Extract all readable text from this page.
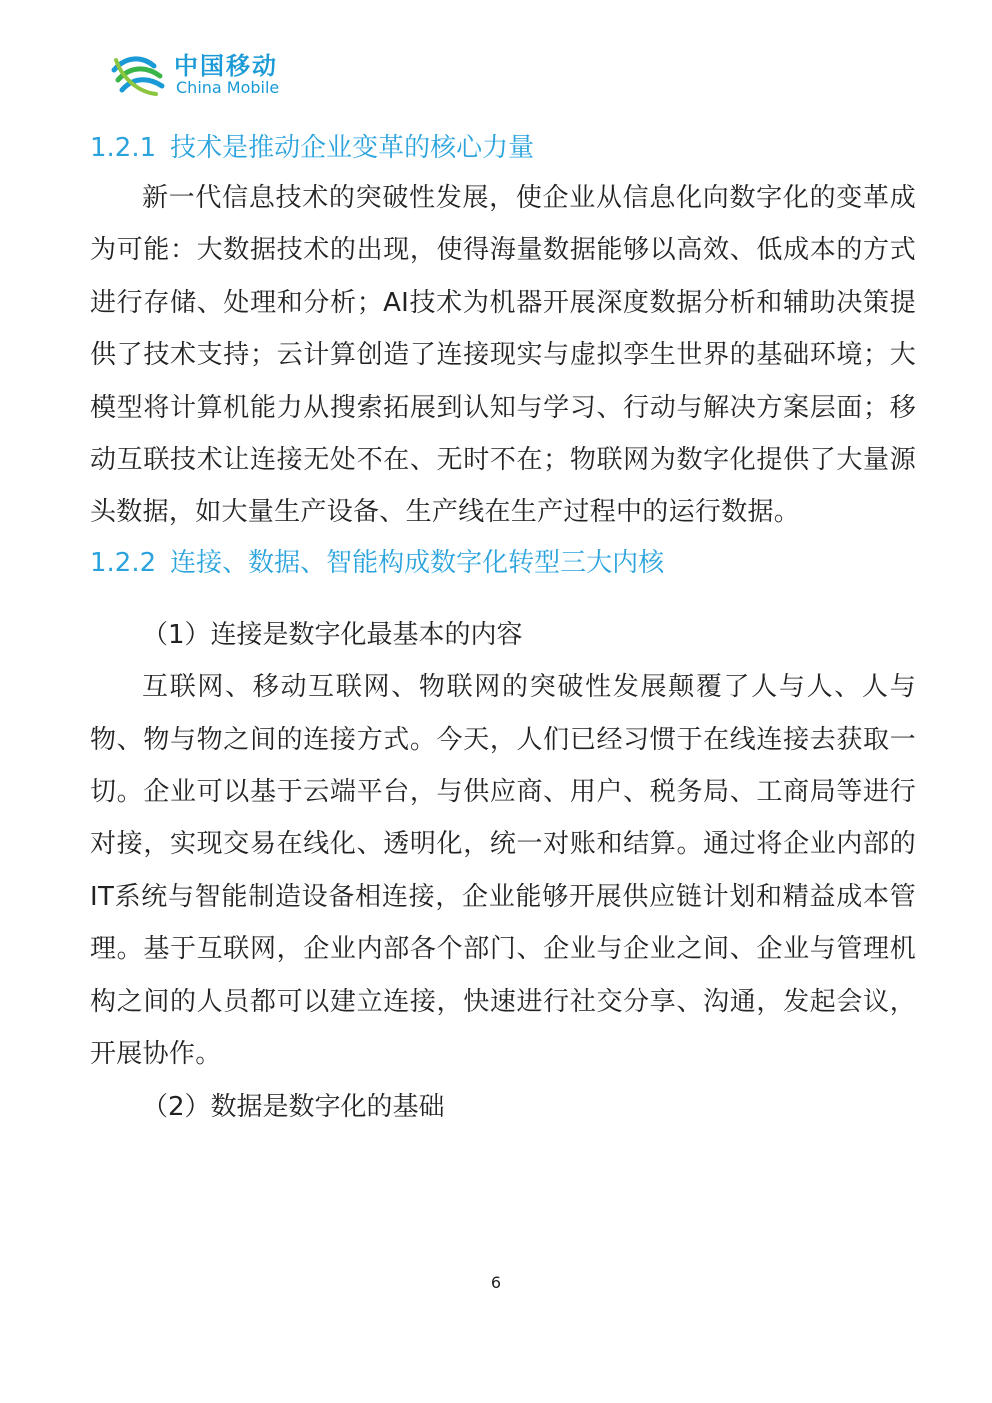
中国移动
China Mobile
1.2.1 技术是推动企业变革的核心力量

新一代信息技术的突破性发展，使企业从信息化向数字化的变革成为可能：大数据技术的出现，使得海量数据能够以高效、低成本的方式进行存储、处理和分析；AI技术为机器开展深度数据分析和辅助决策提供了技术支持；云计算创造了连接现实与虚拟孪生世界的基础环境；大模型将计算机能力从搜索拓展到认知与学习、行动与解决方案层面；移动互联技术让连接无处不在、无时不在；物联网为数字化提供了大量源头数据，如大量生产设备、生产线在生产过程中的运行数据。

1.2.2 连接、数据、智能构成数字化转型三大内核
（1）连接是数字化最基本的内容

互联网、移动互联网、物联网的突破性发展颠覆了人与人、人与物、物与物之间的连接方式。今天，人们已经习惯于在线连接去获取一切。企业可以基于云端平台，与供应商、用户、税务局、工商局等进行对接，实现交易在线化、透明化，统一对账和结算。通过将企业内部的IT系统与智能制造设备相连接，企业能够开展供应链计划和精益成本管理。基于互联网，企业内部各个部门、企业与企业之间、企业与管理机构之间的人员都可以建立连接，快速进行社交分享、沟通，发起会议，开展协作。

（2）数据是数字化的基础
6
